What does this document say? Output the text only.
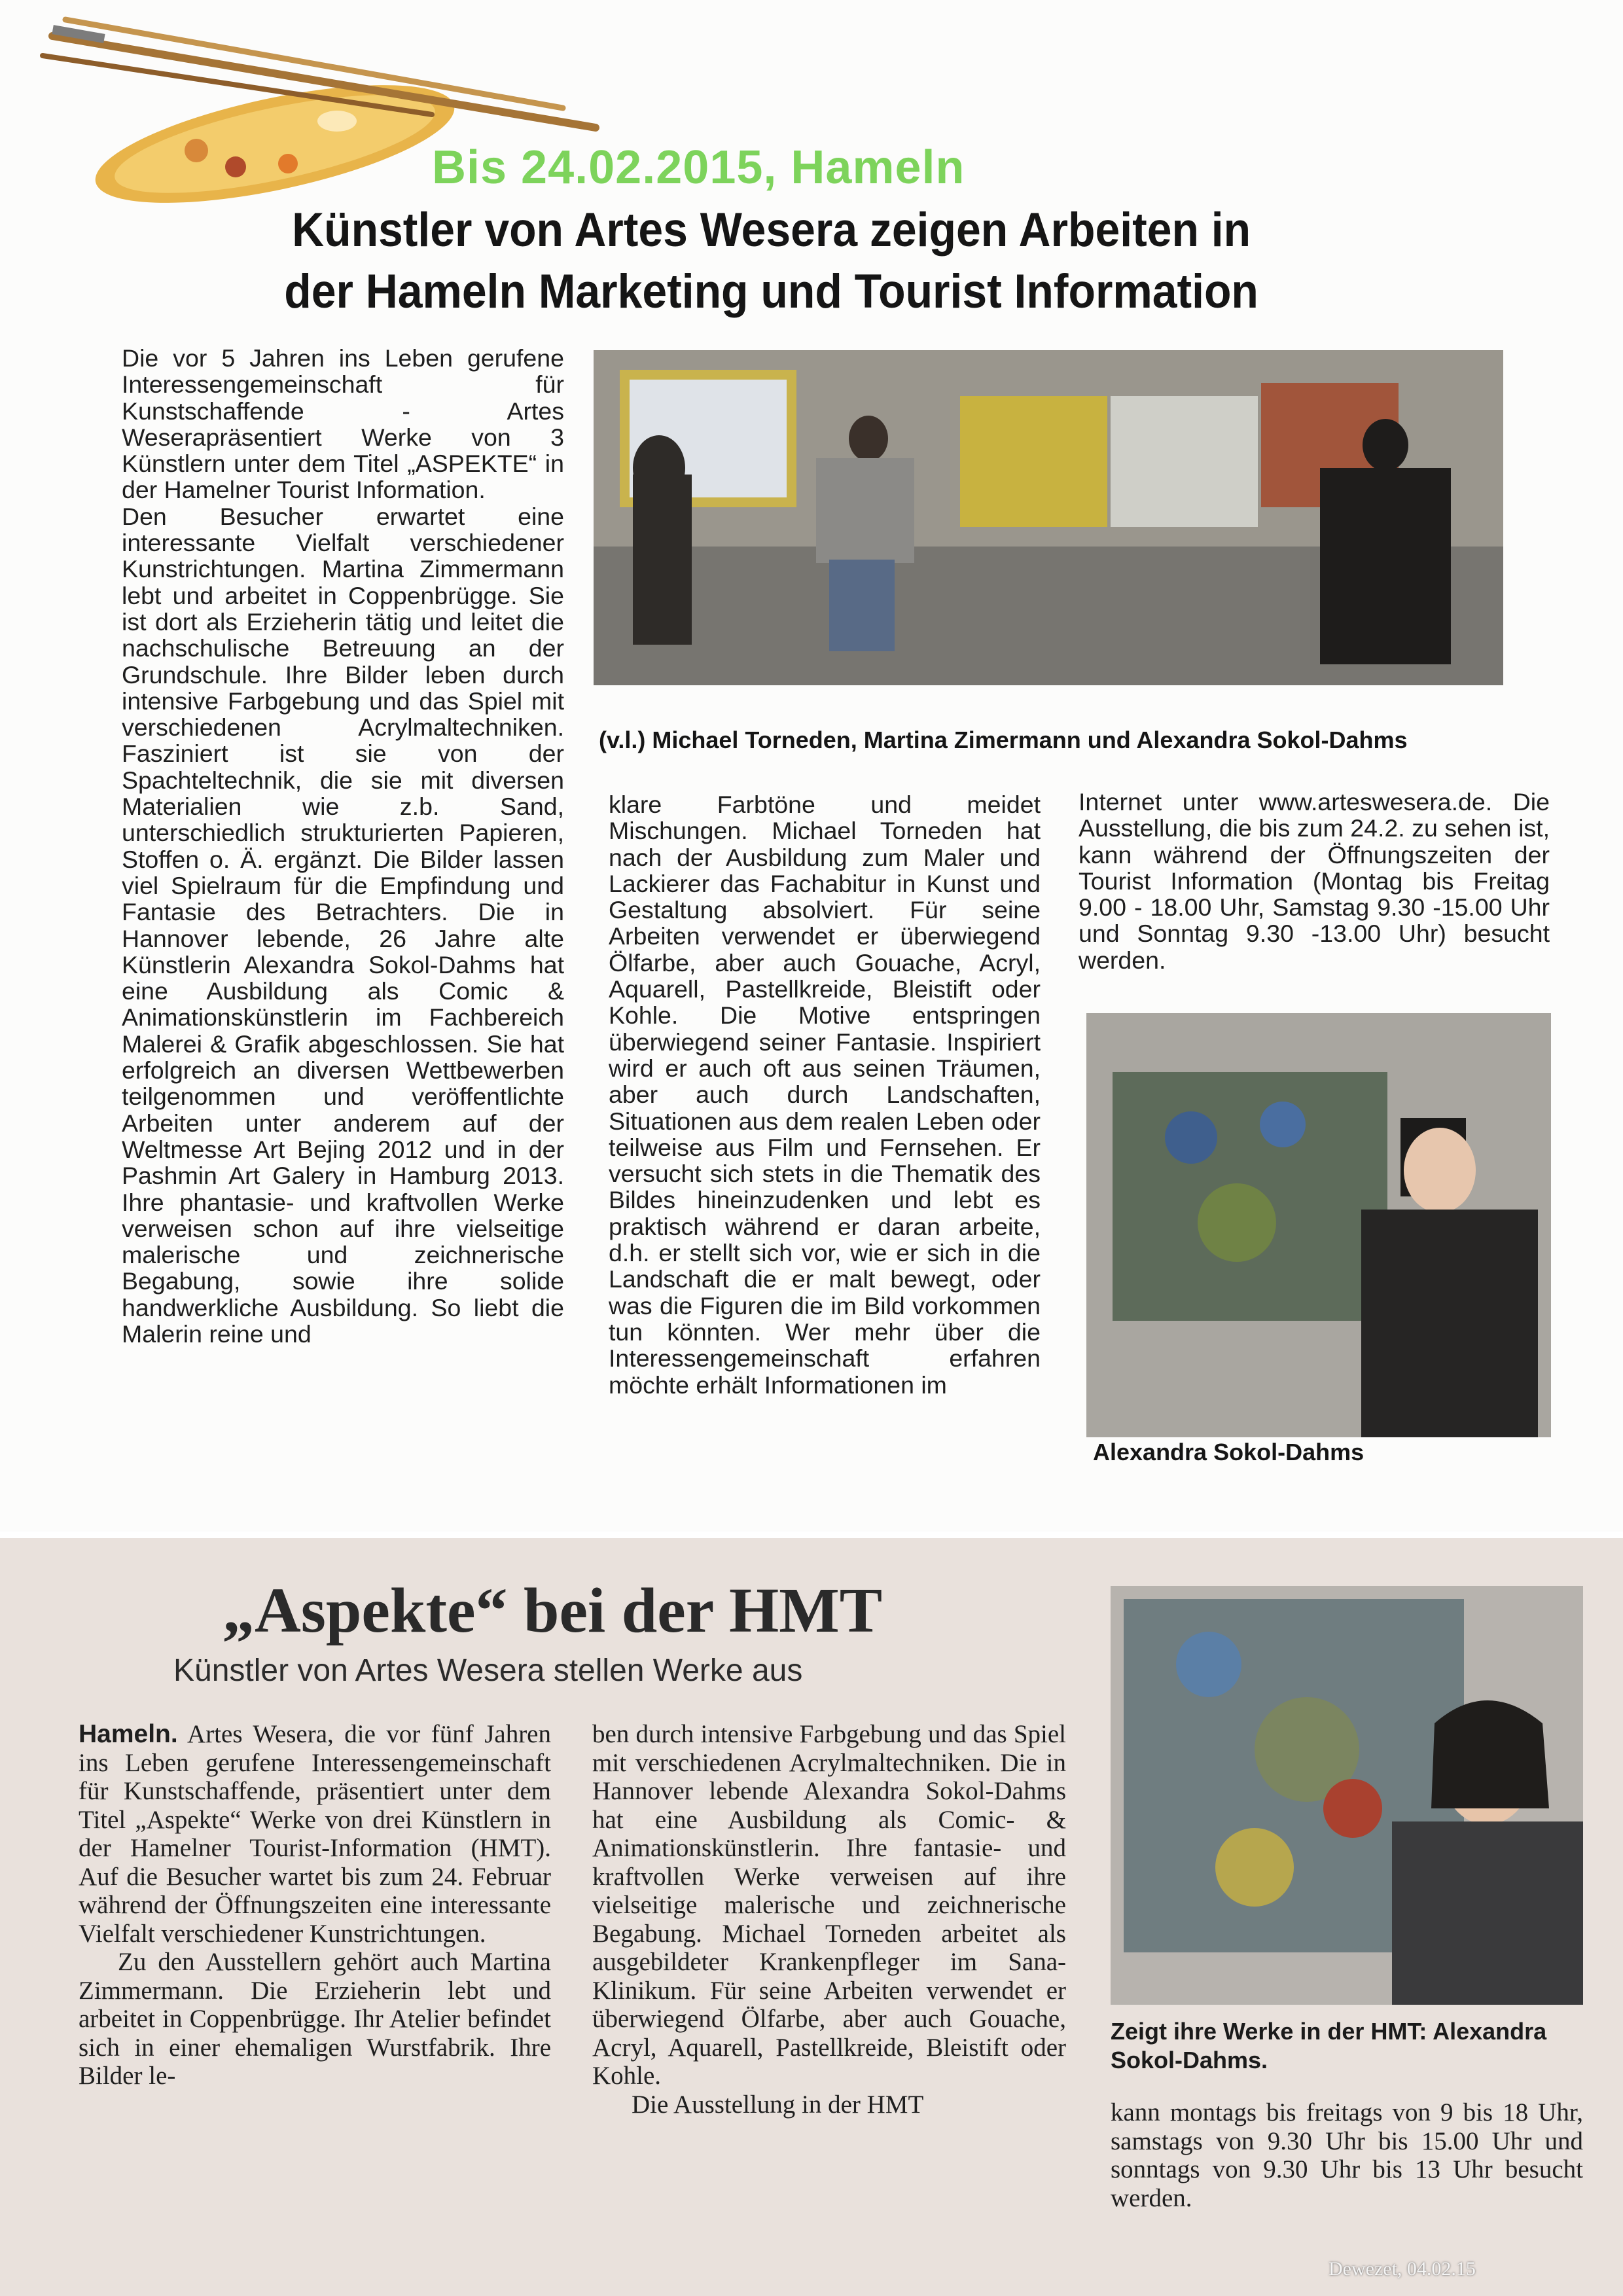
Bis 24.02.2015, Hameln
Künstler von Artes Wesera zeigen Arbeiten in
der Hameln Marketing und Tourist Information

Die vor 5 Jahren ins Leben gerufene Interessengemeinschaft für Kunstschaffende - Artes Weserapräsentiert Werke von 3 Künstlern unter dem Titel „ASPEKTE“ in der Hamelner Tourist Information.

Den Besucher erwartet eine interessante Vielfalt verschiedener Kunstrichtungen. Martina Zimmermann lebt und arbeitet in Coppenbrügge. Sie ist dort als Erzieherin tätig und leitet die nachschulische Betreuung an der Grundschule. Ihre Bilder leben durch intensive Farbgebung und das Spiel mit verschiedenen Acrylmaltechniken. Fasziniert ist sie von der Spachteltechnik, die sie mit diversen Materialien wie z.b. Sand, unterschiedlich strukturierten Papieren, Stoffen o. Ä. ergänzt. Die Bilder lassen viel Spielraum für die Empfindung und Fantasie des Betrachters. Die in Hannover lebende, 26 Jahre alte Künstlerin Alexandra Sokol-Dahms hat eine Ausbildung als Comic & Animationskünstlerin im Fachbereich Malerei & Grafik abgeschlossen. Sie hat erfolgreich an diversen Wettbewerben teilgenommen und veröffentlichte Arbeiten unter anderem auf der Weltmesse Art Bejing 2012 und in der Pashmin Art Galery in Hamburg 2013. Ihre phantasie- und kraftvollen Werke verweisen schon auf ihre vielseitige malerische und zeichnerische Begabung, sowie ihre solide handwerkliche Ausbildung. So liebt die Malerin reine und

(v.l.) Michael Torneden, Martina Zimermann und Alexandra Sokol-Dahms

klare Farbtöne und meidet Mischungen. Michael Torneden hat nach der Ausbildung zum Maler und Lackierer das Fachabitur in Kunst und Gestaltung absolviert. Für seine Arbeiten verwendet er überwiegend Ölfarbe, aber auch Gouache, Acryl, Aquarell, Pastellkreide, Bleistift oder Kohle. Die Motive entspringen überwiegend seiner Fantasie. Inspiriert wird er auch oft aus seinen Träumen, aber auch durch Landschaften, Situationen aus dem realen Leben oder teilweise aus Film und Fernsehen. Er versucht sich stets in die Thematik des Bildes hineinzudenken und lebt es praktisch während er daran arbeite, d.h. er stellt sich vor, wie er sich in die Landschaft die er malt bewegt, oder was die Figuren die im Bild vorkommen tun könnten. Wer mehr über die Interessengemeinschaft erfahren möchte erhält Informationen im

Internet unter www.arteswesera.de. Die Ausstellung, die bis zum 24.2. zu sehen ist, kann während der Öffnungszeiten der Tourist Information (Montag bis Freitag 9.00 - 18.00 Uhr, Samstag 9.30 -15.00 Uhr und Sonntag 9.30 -13.00 Uhr) besucht werden.

Alexandra Sokol-Dahms
„Aspekte“ bei der HMT
Künstler von Artes Wesera stellen Werke aus

Hameln. Artes Wesera, die vor fünf Jahren ins Leben gerufene Interessengemeinschaft für Kunstschaffende, präsentiert unter dem Titel „Aspekte“ Werke von drei Künstlern in der Hamelner Tourist-Information (HMT). Auf die Besucher wartet bis zum 24. Februar während der Öffnungszeiten eine interessante Vielfalt verschiedener Kunstrichtungen.

Zu den Ausstellern gehört auch Martina Zimmermann. Die Erzieherin lebt und arbeitet in Coppenbrügge. Ihr Atelier befindet sich in einer ehemaligen Wurstfabrik. Ihre Bilder le-

ben durch intensive Farbgebung und das Spiel mit verschiedenen Acrylmaltechniken. Die in Hannover lebende Alexandra Sokol-Dahms hat eine Ausbildung als Comic- & Animationskünstlerin. Ihre fantasie- und kraftvollen Werke verweisen auf ihre vielseitige malerische und zeichnerische Begabung. Michael Torneden arbeitet als ausgebildeter Krankenpfleger im Sana-Klinikum. Für seine Arbeiten verwendet er überwiegend Ölfarbe, aber auch Gouache, Acryl, Aquarell, Pastellkreide, Bleistift oder Kohle.

Die Ausstellung in der HMT

Zeigt ihre Werke in der HMT: Alexandra Sokol-Dahms.

kann montags bis freitags von 9 bis 18 Uhr, samstags von 9.30 Uhr bis 15.00 Uhr und sonntags von 9.30 Uhr bis 13 Uhr besucht werden.

Dewezet, 04.02.15
